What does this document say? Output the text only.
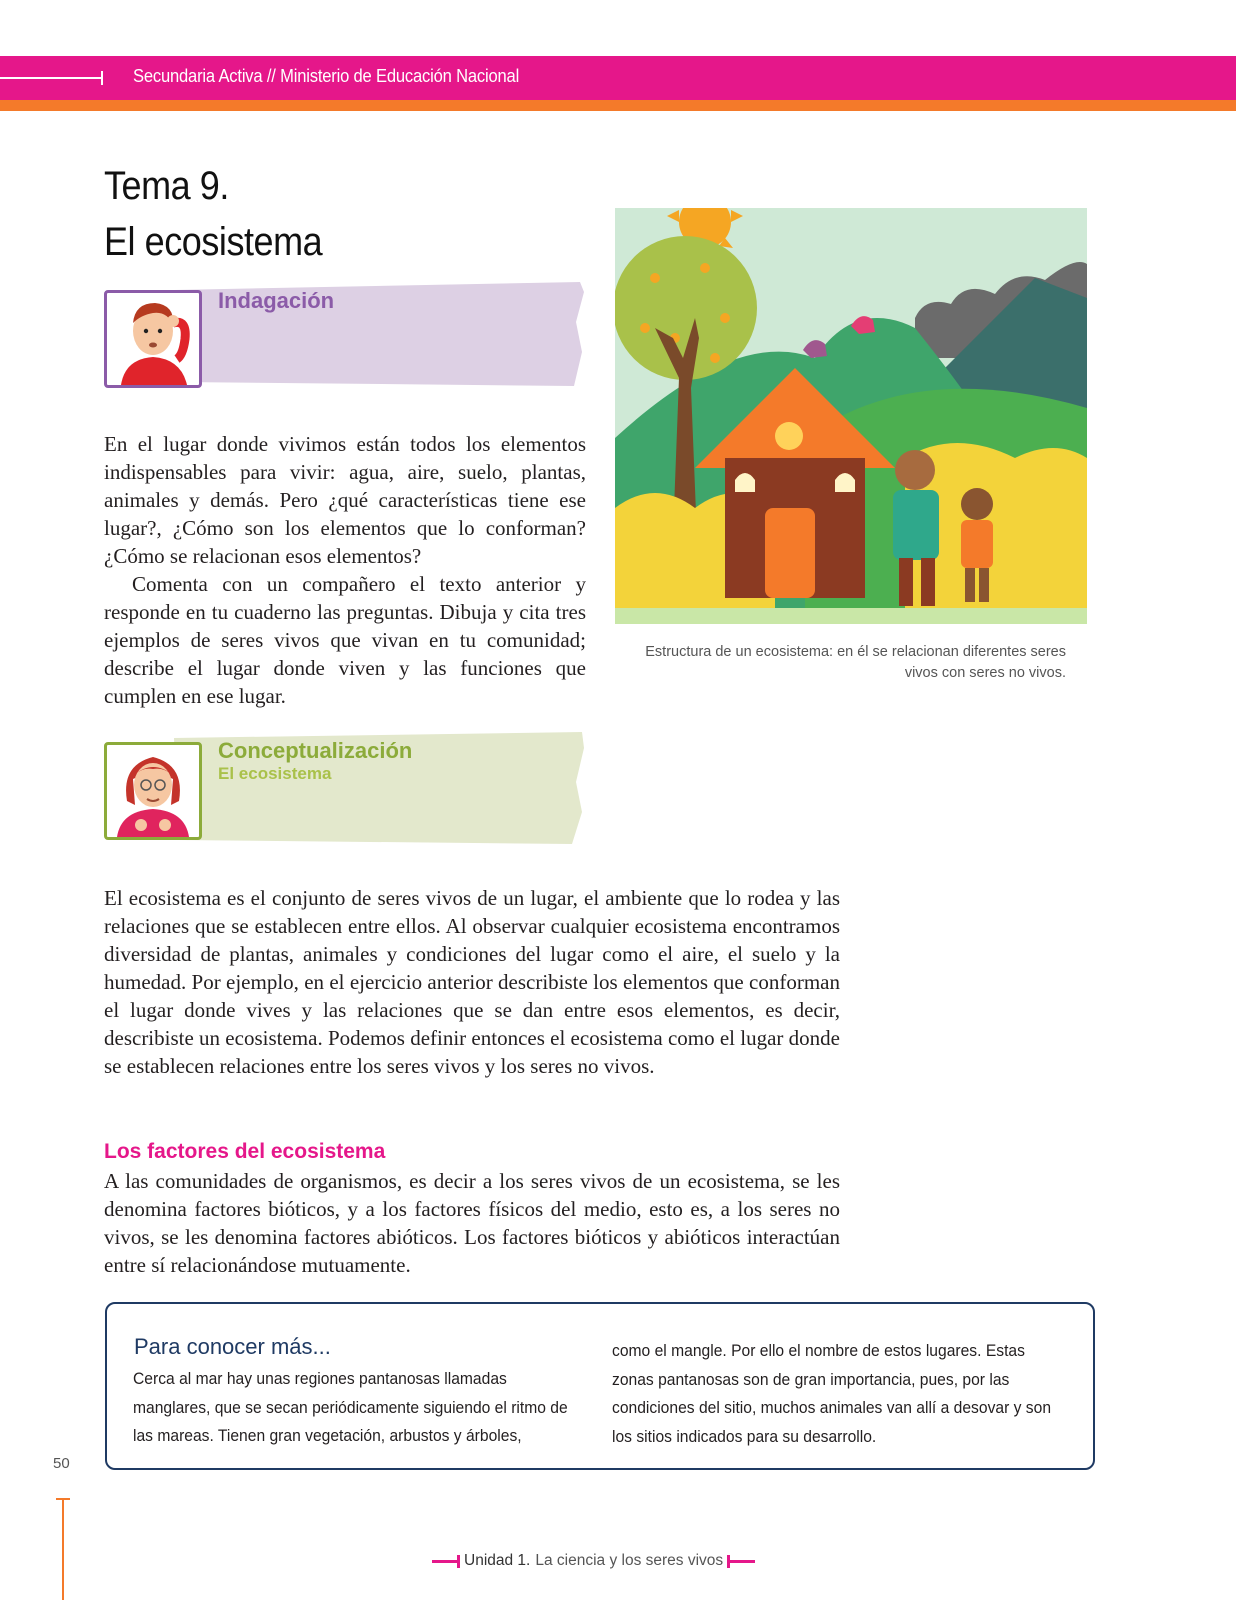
Secundaria Activa // Ministerio de Educación Nacional
Tema 9.
El ecosistema
Indagación

En el lugar donde vivimos están todos los elementos indispensables para vivir: agua, aire, suelo, plantas, animales y demás. Pero ¿qué características tiene ese lugar?, ¿Cómo son los elementos que lo conforman? ¿Cómo se relacionan esos elementos?

Comenta con un compañero el texto anterior y responde en tu cuaderno las preguntas. Dibuja y cita tres ejemplos de seres vivos que vivan en tu comunidad; describe el lugar donde viven y las funciones que cumplen en ese lugar.

Estructura de un ecosistema: en él se relacionan diferentes seres vivos con seres no vivos.
Conceptualización
El ecosistema

El ecosistema es el conjunto de seres vivos de un lugar, el ambiente que lo rodea y las relaciones que se establecen entre ellos. Al observar cualquier ecosistema encontramos diversidad de plantas, animales y condiciones del lugar como el aire, el suelo y la humedad. Por ejemplo, en el ejercicio anterior describiste los elementos que conforman el lugar donde vives y las relaciones que se dan entre esos elementos, es decir, describiste un ecosistema. Podemos definir entonces el ecosistema como el lugar donde se establecen relaciones entre los seres vivos y los seres no vivos.

Los factores del ecosistema

A las comunidades de organismos, es decir a los seres vivos de un ecosistema, se les denomina factores bióticos, y a los factores físicos del medio, esto es, a los seres no vivos, se les denomina factores abióticos. Los factores bióticos y abióticos interactúan entre sí relacionándose mutuamente.

Para conocer más...
Cerca al mar hay unas regiones pantanosas llamadas manglares, que se secan periódicamente siguiendo el ritmo de las mareas. Tienen gran vegetación, arbustos y árboles,
como el mangle. Por ello el nombre de estos lugares. Estas zonas pantanosas son de gran importancia, pues, por las condiciones del sitio, muchos animales van allí a desovar y son los sitios indicados para su desarrollo.
50
Unidad 1. La ciencia y los seres vivos
